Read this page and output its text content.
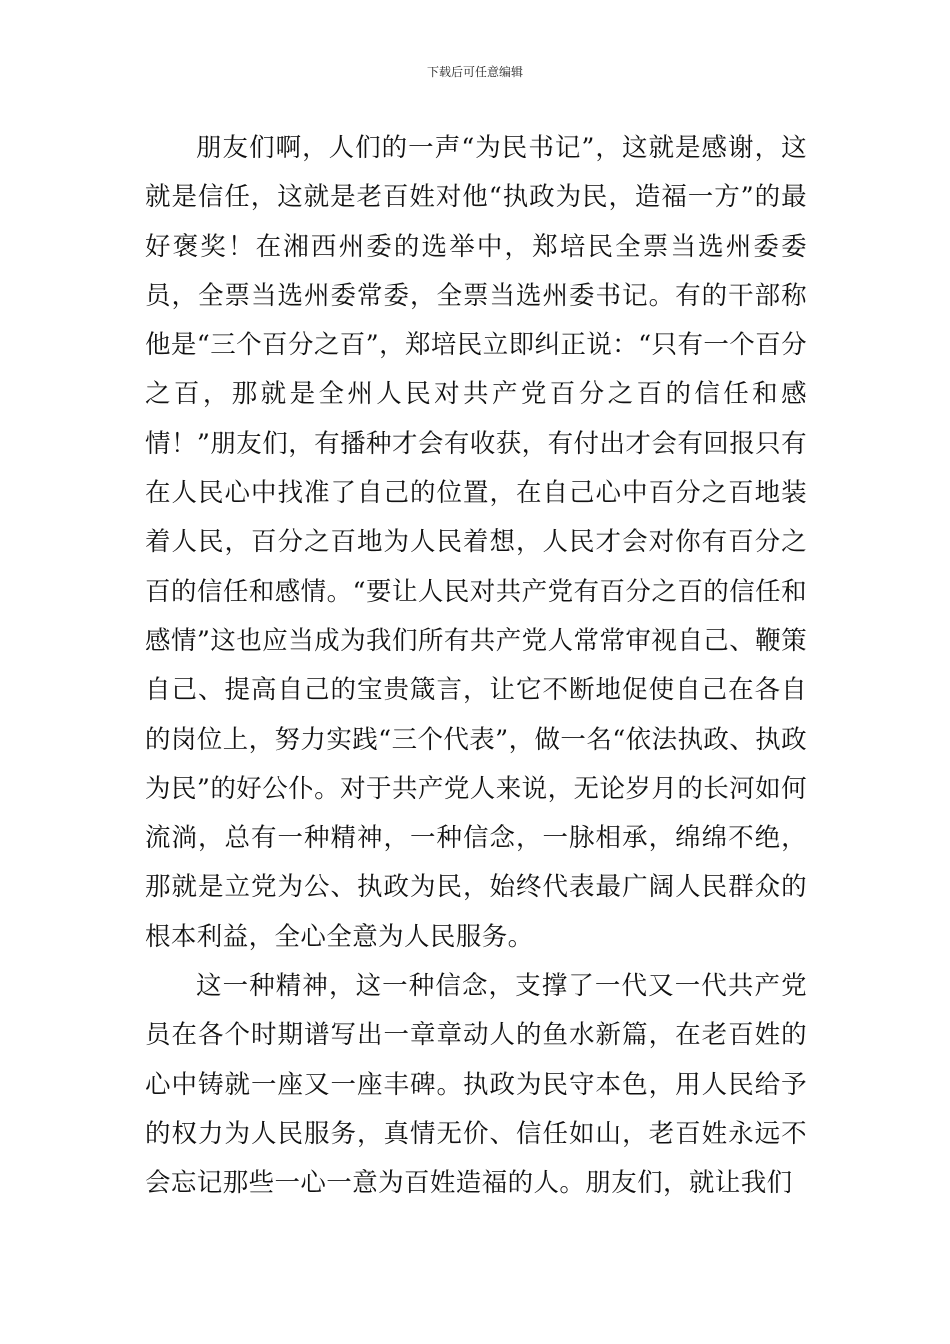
下载后可任意编辑

朋友们啊，人们的一声“为民书记”，这就是感谢，这就是信任，这就是老百姓对他“执政为民，造福一方”的最好褒奖！在湘西州委的选举中，郑培民全票当选州委委员，全票当选州委常委，全票当选州委书记。有的干部称他是“三个百分之百”，郑培民立即纠正说：“只有一个百分之百，那就是全州人民对共产党百分之百的信任和感情！”朋友们，有播种才会有收获，有付出才会有回报只有在人民心中找准了自己的位置，在自己心中百分之百地装着人民，百分之百地为人民着想，人民才会对你有百分之百的信任和感情。“要让人民对共产党有百分之百的信任和感情”这也应当成为我们所有共产党人常常审视自己、鞭策自己、提高自己的宝贵箴言，让它不断地促使自己在各自的岗位上，努力实践“三个代表”，做一名“依法执政、执政为民”的好公仆。对于共产党人来说，无论岁月的长河如何流淌，总有一种精神，一种信念，一脉相承，绵绵不绝，那就是立党为公、执政为民，始终代表最广阔人民群众的根本利益，全心全意为人民服务。

这一种精神，这一种信念，支撑了一代又一代共产党员在各个时期谱写出一章章动人的鱼水新篇，在老百姓的心中铸就一座又一座丰碑。执政为民守本色，用人民给予的权力为人民服务，真情无价、信任如山，老百姓永远不会忘记那些一心一意为百姓造福的人。朋友们，就让我们
